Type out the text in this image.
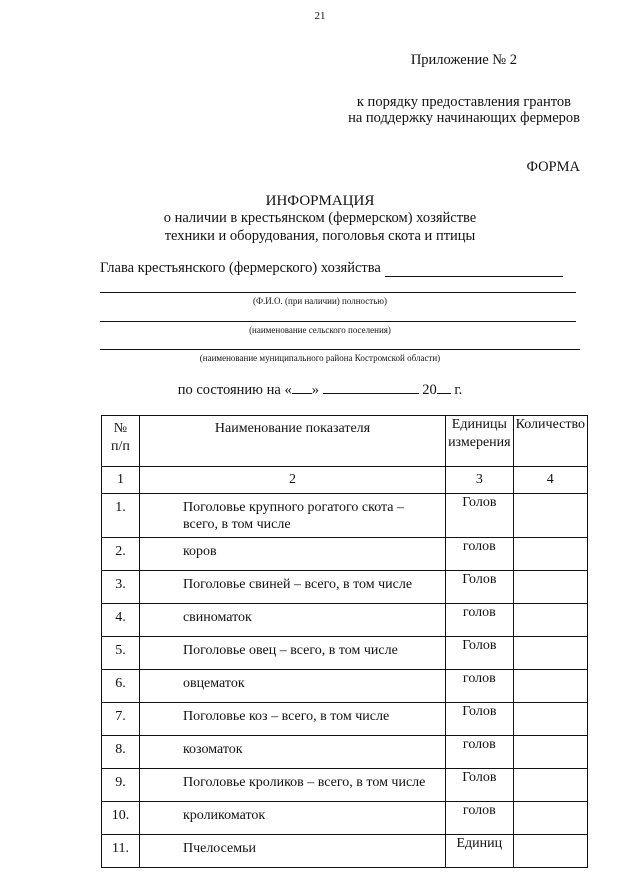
21
Приложение № 2
к порядку предоставления грантов
на поддержку начинающих фермеров
ФОРМА
ИНФОРМАЦИЯ
о наличии в крестьянском (фермерском) хозяйстве
техники и оборудования, поголовья скота и птицы
Глава крестьянского (фермерского) хозяйства
(Ф.И.О. (при наличии) полностью)
(наименование сельского поселения)
(наименование муниципального района Костромской области)
по состоянию на « »	20 г.
№ п/п	Наименование показателя	Единицы измерения	Количество
1	2	3	4
1.	Поголовье крупного рогатого скота – всего, в том числе	Голов	
2.	коров	голов	
3.	Поголовье свиней – всего, в том числе	Голов	
4.	свиноматок	голов	
5.	Поголовье овец – всего, в том числе	Голов	
6.	овцематок	голов	
7.	Поголовье коз – всего, в том числе	Голов	
8.	козоматок	голов	
9.	Поголовье кроликов – всего, в том числе	Голов	
10.	кроликоматок	голов	
11.	Пчелосемьи	Единиц	
